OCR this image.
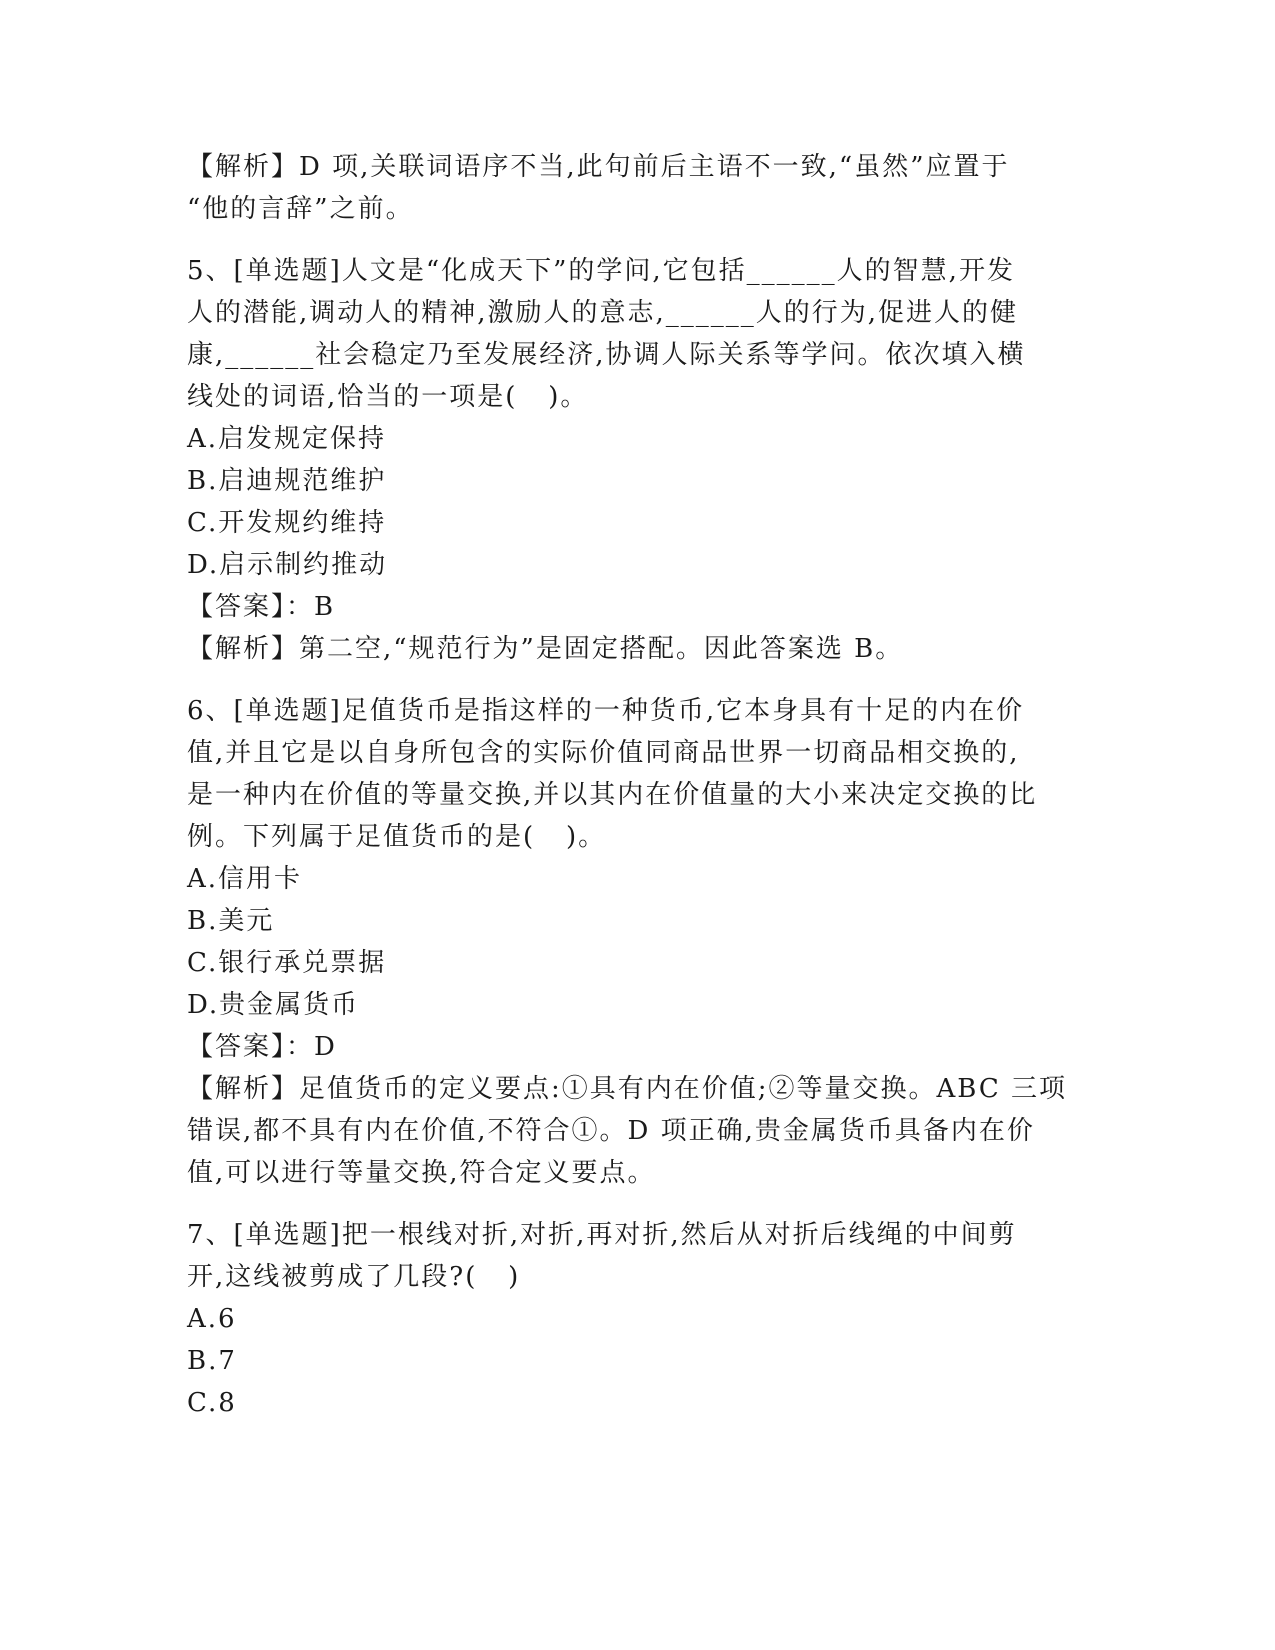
【解析】D 项,关联词语序不当,此句前后主语不一致,“虽然”应置于
“他的言辞”之前。
5、[单选题]人文是“化成天下”的学问,它包括______人的智慧,开发
人的潜能,调动人的精神,激励人的意志,______人的行为,促进人的健
康,______社会稳定乃至发展经济,协调人际关系等学问。依次填入横
线处的词语,恰当的一项是(   )。
A.启发规定保持
B.启迪规范维护
C.开发规约维持
D.启示制约推动
【答案】：B
【解析】第二空,“规范行为”是固定搭配。因此答案选 B。
6、[单选题]足值货币是指这样的一种货币,它本身具有十足的内在价
值,并且它是以自身所包含的实际价值同商品世界一切商品相交换的,
是一种内在价值的等量交换,并以其内在价值量的大小来决定交换的比
例。下列属于足值货币的是(   )。
A.信用卡
B.美元
C.银行承兑票据
D.贵金属货币
【答案】：D
【解析】足值货币的定义要点:①具有内在价值;②等量交换。ABC 三项
错误,都不具有内在价值,不符合①。D 项正确,贵金属货币具备内在价
值,可以进行等量交换,符合定义要点。
7、[单选题]把一根线对折,对折,再对折,然后从对折后线绳的中间剪
开,这线被剪成了几段?(   )
A.6
B.7
C.8
